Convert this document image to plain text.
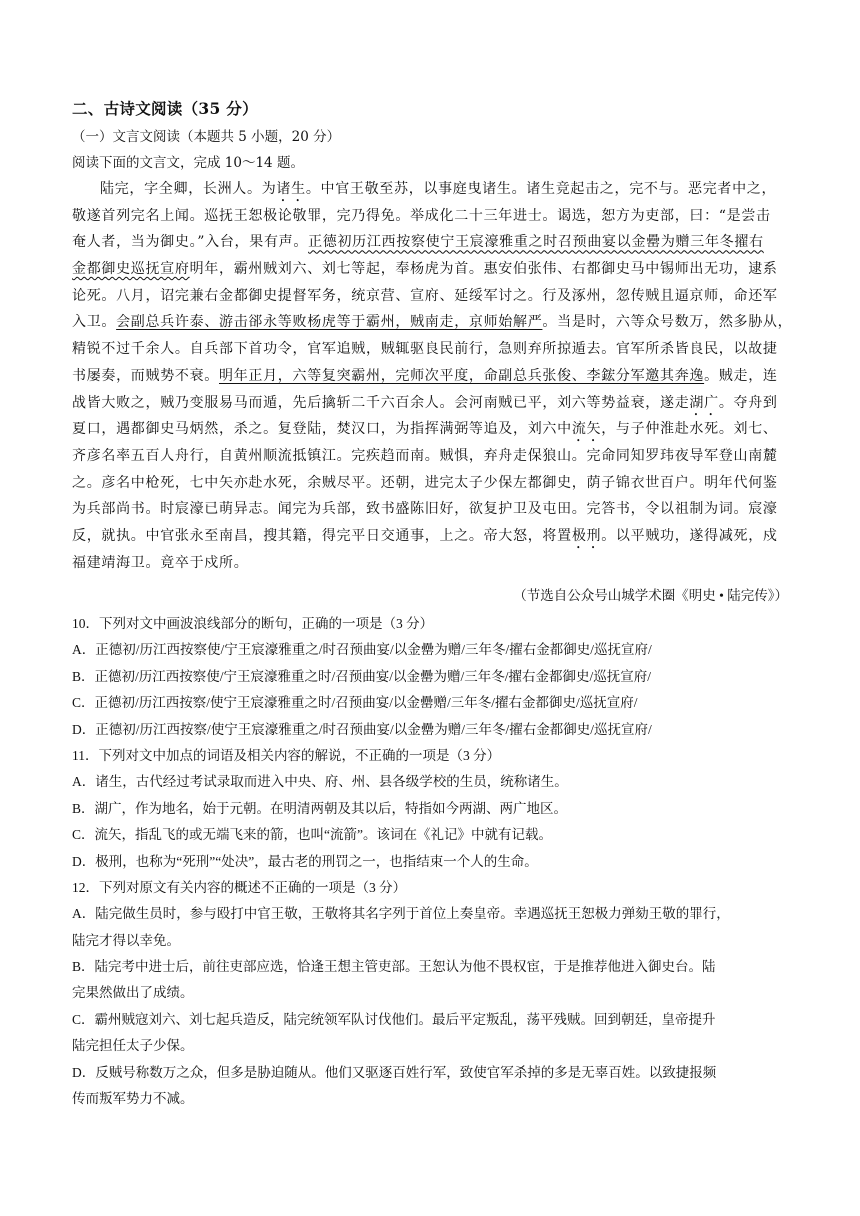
二、古诗文阅读（35 分）
（一）文言文阅读（本题共 5 小题，20 分）
阅读下面的文言文，完成 10～14 题。
陆完，字全卿，长洲人。为诸生。中官王敬至苏，以事庭曳诸生。诸生竞起击之，完不与。恶完者中之，
敬遂首列完名上闻。巡抚王恕极论敬罪，完乃得免。举成化二十三年进士。谒选，恕方为吏部，曰：“是尝击
奄人者，当为御史。”入台，果有声。正德初历江西按察使宁王宸濠雅重之时召预曲宴以金罍为赠三年冬擢右
金都御史巡抚宣府明年，霸州贼刘六、刘七等起，奉杨虎为首。惠安伯张伟、右都御史马中锡师出无功，逮系
论死。八月，诏完兼右金都御史提督军务，统京营、宣府、延绥军讨之。行及涿州，忽传贼且逼京师，命还军
入卫。会副总兵许泰、游击郤永等败杨虎等于霸州，贼南走，京师始解严。当是时，六等众号数万，然多胁从，
精锐不过千余人。自兵部下首功令，官军追贼，贼辄驱良民前行，急则弃所掠遁去。官军所杀皆良民，以故捷
书屡奏，而贼势不衰。明年正月，六等复突霸州，完师次平度，命副总兵张俊、李鋐分军邀其奔逸。贼走，连
战皆大败之，贼乃变服易马而遁，先后擒斩二千六百余人。会河南贼已平，刘六等势益衰，遂走湖广。夺舟到
夏口，遇都御史马炳然，杀之。复登陆，焚汉口，为指挥满弼等追及，刘六中流矢，与子仲淮赴水死。刘七、
齐彦名率五百人舟行，自黄州顺流抵镇江。完疾趋而南。贼惧，弃舟走保狼山。完命同知罗玮夜导军登山南麓
之。彦名中枪死，七中矢亦赴水死，余贼尽平。还朝，进完太子少保左都御史，荫子锦衣世百户。明年代何鉴
为兵部尚书。时宸濠已萌异志。闻完为兵部，致书盛陈旧好，欲复护卫及屯田。完答书，令以祖制为词。宸濠
反，就执。中官张永至南昌，搜其籍，得完平日交通事，上之。帝大怒，将置极刑。以平贼功，遂得减死，戍
福建靖海卫。竟卒于戍所。
（节选自公众号山城学术圈《明史 • 陆完传》）
10．下列对文中画波浪线部分的断句，正确的一项是（3 分）
A．正德初/历江西按察使/宁王宸濠雅重之/时召预曲宴/以金罍为赠/三年冬/擢右金都御史/巡抚宣府/
B．正德初/历江西按察使/宁王宸濠雅重之时/召预曲宴/以金罍为赠/三年冬/擢右金都御史/巡抚宣府/
C．正德初/历江西按察/使宁王宸濠雅重之时/召预曲宴/以金罍赠/三年冬/擢右金都御史/巡抚宣府/
D．正德初/历江西按察/使宁王宸濠雅重之/时召预曲宴/以金罍为赠/三年冬/擢右金都御史/巡抚宣府/
11．下列对文中加点的词语及相关内容的解说，不正确的一项是（3 分）
A．诸生，古代经过考试录取而进入中央、府、州、县各级学校的生员，统称诸生。
B．湖广，作为地名，始于元朝。在明清两朝及其以后，特指如今两湖、两广地区。
C．流矢，指乱飞的或无端飞来的箭，也叫“流箭”。该词在《礼记》中就有记载。
D．极刑，也称为“死刑”“处决”，最古老的刑罚之一，也指结束一个人的生命。
12．下列对原文有关内容的概述不正确的一项是（3 分）
A．陆完做生员时，参与殴打中官王敬，王敬将其名字列于首位上奏皇帝。幸遇巡抚王恕极力弹劾王敬的罪行，
陆完才得以幸免。
B．陆完考中进士后，前往吏部应选，恰逢王想主管吏部。王恕认为他不畏权宦，于是推荐他进入御史台。陆
完果然做出了成绩。
C．霸州贼寇刘六、刘七起兵造反，陆完统领军队讨伐他们。最后平定叛乱，荡平残贼。回到朝廷，皇帝提升
陆完担任太子少保。
D．反贼号称数万之众，但多是胁迫随从。他们又驱逐百姓行军，致使官军杀掉的多是无辜百姓。以致捷报频
传而叛军势力不减。
